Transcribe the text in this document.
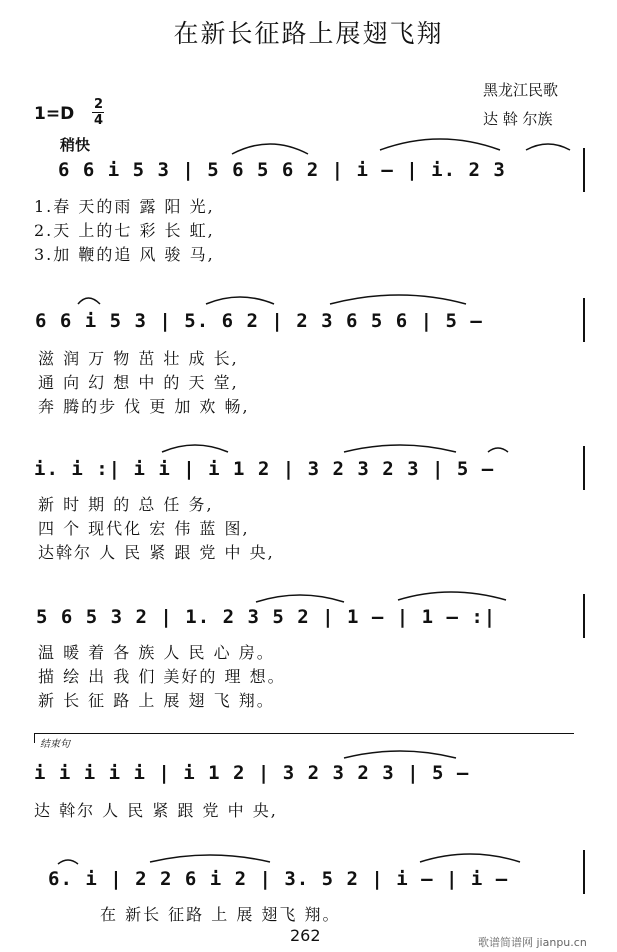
在新长征路上展翅飞翔
黑龙江民歌
达 斡 尔族
1=D 2
4
稍快
6 6 i 5 3 | 5 6 5 6 2 | i – | i. 2 3
1.春 天的雨 露 阳 光,
2.天 上的七 彩 长 虹,
3.加 鞭的追 风 骏 马,
6 6 i 5 3 | 5. 6 2 | 2 3 6 5 6 | 5 –
滋 润 万 物 茁 壮 成 长,
通 向 幻 想 中 的 天 堂,
奔 腾的步 伐 更 加 欢 畅,
i. i :| i i | i 1 2 | 3 2 3 2 3 | 5 –
新 时 期 的 总 任 务,
四 个 现代化 宏 伟 蓝 图,
达斡尔 人 民 紧 跟 党 中 央,
5 6 5 3 2 | 1. 2 3 5 2 | 1 – | 1 – :|
温 暖 着 各 族 人 民 心 房。
描 绘 出 我 们 美好的 理 想。
新 长 征 路 上 展 翅 飞 翔。
结束句
i i i i i | i 1 2 | 3 2 3 2 3 | 5 –
达 斡尔 人 民 紧 跟 党 中 央,
6. i | 2 2 6 i 2 | 3. 5 2 | i – | i –
在 新长 征路 上 展 翅飞 翔。
262	歌谱简谱网 jianpu.cn
